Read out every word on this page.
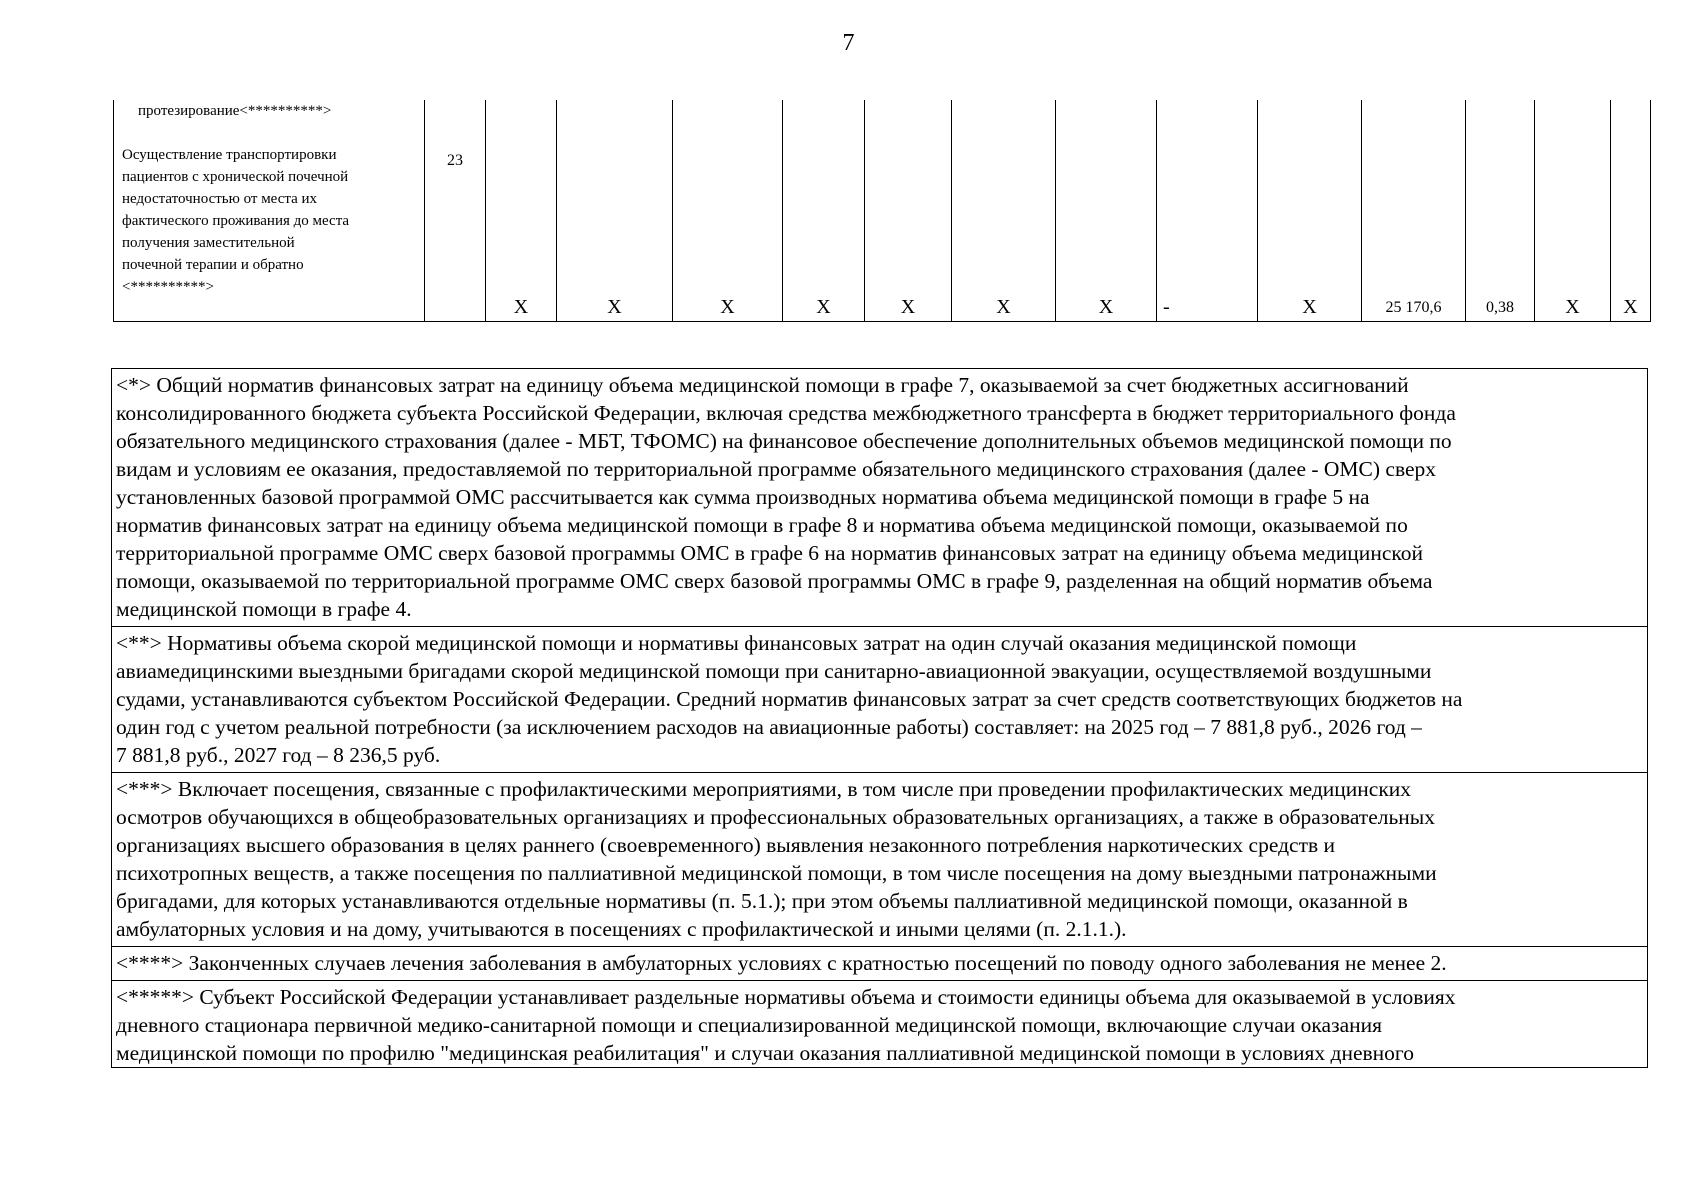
7
протезирование<**********>
Осуществление транспортировки
пациентов с хронической почечной
недостаточностью от места их
фактического проживания до места
получения заместительной
почечной терапии и обратно
<**********>
	23	Х	Х	Х	Х	Х	Х	Х	-	Х	25 170,6	0,38	Х	Х
<*> Общий норматив финансовых затрат на единицу объема медицинской помощи в графе 7, оказываемой за счет бюджетных ассигнований
консолидированного бюджета субъекта Российской Федерации, включая средства межбюджетного трансферта в бюджет территориального фонда
обязательного медицинского страхования (далее - МБТ, ТФОМС) на финансовое обеспечение дополнительных объемов медицинской помощи по
видам и условиям ее оказания, предоставляемой по территориальной программе обязательного медицинского страхования (далее - ОМС) сверх
установленных базовой программой ОМС рассчитывается как сумма производных норматива объема медицинской помощи в графе 5 на
норматив финансовых затрат на единицу объема медицинской помощи в графе 8 и норматива объема медицинской помощи, оказываемой по
территориальной программе ОМС сверх базовой программы ОМС в графе 6 на норматив финансовых затрат на единицу объема медицинской
помощи, оказываемой по территориальной программе ОМС сверх базовой программы ОМС в графе 9, разделенная на общий норматив объема
медицинской помощи в графе 4.
<**> Нормативы объема скорой медицинской помощи и нормативы финансовых затрат на один случай оказания медицинской помощи
авиамедицинскими выездными бригадами скорой медицинской помощи при санитарно-авиационной эвакуации, осуществляемой воздушными
судами, устанавливаются субъектом Российской Федерации. Средний норматив финансовых затрат за счет средств соответствующих бюджетов на
один год с учетом реальной потребности (за исключением расходов на авиационные работы) составляет: на 2025 год – 7 881,8 руб., 2026 год –
7 881,8 руб., 2027 год – 8 236,5 руб.
<***> Включает посещения, связанные с профилактическими мероприятиями, в том числе при проведении профилактических медицинских
осмотров обучающихся в общеобразовательных организациях и профессиональных образовательных организациях, а также в образовательных
организациях высшего образования в целях раннего (своевременного) выявления незаконного потребления наркотических средств и
психотропных веществ, а также посещения по паллиативной медицинской помощи, в том числе посещения на дому выездными патронажными
бригадами, для которых устанавливаются отдельные нормативы (п. 5.1.); при этом объемы паллиативной медицинской помощи, оказанной в
амбулаторных условия и на дому, учитываются в посещениях с профилактической и иными целями (п. 2.1.1.).
<****> Законченных случаев лечения заболевания в амбулаторных условиях с кратностью посещений по поводу одного заболевания не менее 2.
<*****> Субъект Российской Федерации устанавливает раздельные нормативы объема и стоимости единицы объема для оказываемой в условиях
дневного стационара первичной медико-санитарной помощи и специализированной медицинской помощи, включающие случаи оказания
медицинской помощи по профилю "медицинская реабилитация" и случаи оказания паллиативной медицинской помощи в условиях дневного
